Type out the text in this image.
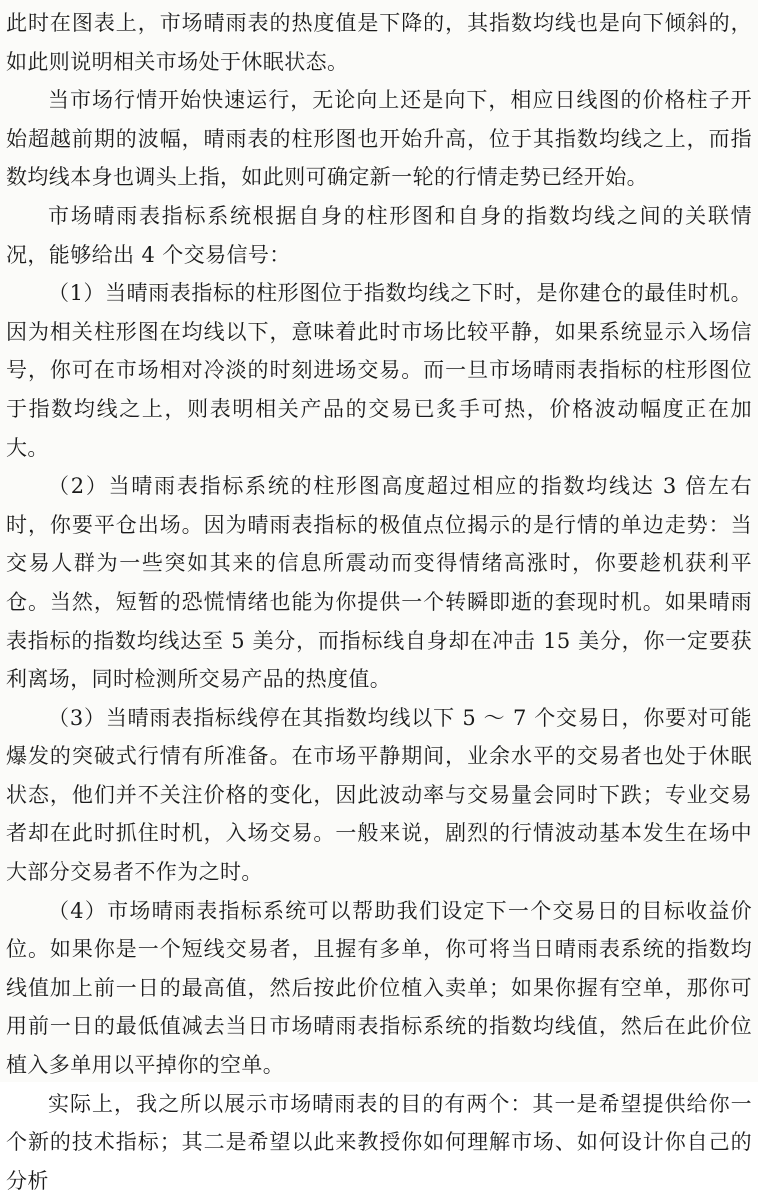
此时在图表上，市场晴雨表的热度值是下降的，其指数均线也是向下倾斜的，如此则说明相关市场处于休眠状态。

当市场行情开始快速运行，无论向上还是向下，相应日线图的价格柱子开始超越前期的波幅，晴雨表的柱形图也开始升高，位于其指数均线之上，而指数均线本身也调头上指，如此则可确定新一轮的行情走势已经开始。

市场晴雨表指标系统根据自身的柱形图和自身的指数均线之间的关联情况，能够给出 4 个交易信号：

（1）当晴雨表指标的柱形图位于指数均线之下时，是你建仓的最佳时机。因为相关柱形图在均线以下，意味着此时市场比较平静，如果系统显示入场信号，你可在市场相对冷淡的时刻进场交易。而一旦市场晴雨表指标的柱形图位于指数均线之上，则表明相关产品的交易已炙手可热，价格波动幅度正在加大。

（2）当晴雨表指标系统的柱形图高度超过相应的指数均线达 3 倍左右时，你要平仓出场。因为晴雨表指标的极值点位揭示的是行情的单边走势：当交易人群为一些突如其来的信息所震动而变得情绪高涨时，你要趁机获利平仓。当然，短暂的恐慌情绪也能为你提供一个转瞬即逝的套现时机。如果晴雨表指标的指数均线达至 5 美分，而指标线自身却在冲击 15 美分，你一定要获利离场，同时检测所交易产品的热度值。

（3）当晴雨表指标线停在其指数均线以下 5 ～ 7 个交易日，你要对可能爆发的突破式行情有所准备。在市场平静期间，业余水平的交易者也处于休眠状态，他们并不关注价格的变化，因此波动率与交易量会同时下跌；专业交易者却在此时抓住时机，入场交易。一般来说，剧烈的行情波动基本发生在场中大部分交易者不作为之时。

（4）市场晴雨表指标系统可以帮助我们设定下一个交易日的目标收益价位。如果你是一个短线交易者，且握有多单，你可将当日晴雨表系统的指数均线值加上前一日的最高值，然后按此价位植入卖单；如果你握有空单，那你可用前一日的最低值减去当日市场晴雨表指标系统的指数均线值，然后在此价位植入多单用以平掉你的空单。

实际上，我之所以展示市场晴雨表的目的有两个：其一是希望提供给你一个新的技术指标；其二是希望以此来教授你如何理解市场、如何设计你自己的分析
